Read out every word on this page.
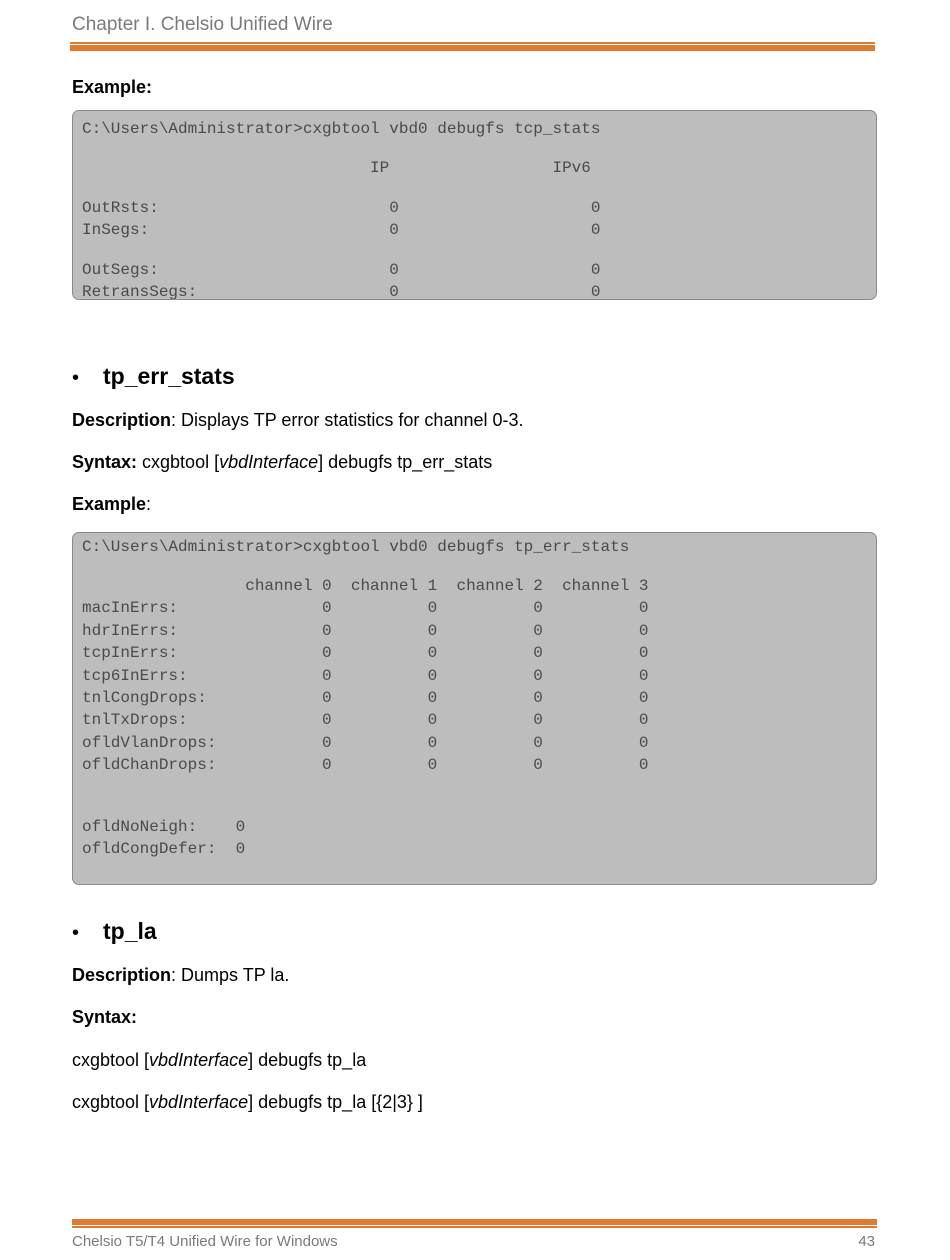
Chapter I. Chelsio Unified Wire
Example:

C:\Users\Administrator>cxgbtool vbd0 debugfs tcp_stats

IP                 IPv6

OutRsts:                        0                    0

InSegs:                         0                    0

OutSegs:                        0                    0

RetransSegs:                    0                    0

• tp_err_stats
Description: Displays TP error statistics for channel 0-3.
Syntax: cxgbtool [vbdInterface] debugfs tp_err_stats
Example:

C:\Users\Administrator>cxgbtool vbd0 debugfs tp_err_stats

channel 0  channel 1  channel 2  channel 3

macInErrs:               0          0          0          0

hdrInErrs:               0          0          0          0

tcpInErrs:               0          0          0          0

tcp6InErrs:              0          0          0          0

tnlCongDrops:            0          0          0          0

tnlTxDrops:              0          0          0          0

ofldVlanDrops:           0          0          0          0

ofldChanDrops:           0          0          0          0

ofldNoNeigh:    0

ofldCongDefer:  0

• tp_la
Description: Dumps TP la.
Syntax:
cxgbtool [vbdInterface] debugfs tp_la
cxgbtool [vbdInterface] debugfs tp_la [{2|3} ]
Chelsio T5/T4 Unified Wire for Windows	43
